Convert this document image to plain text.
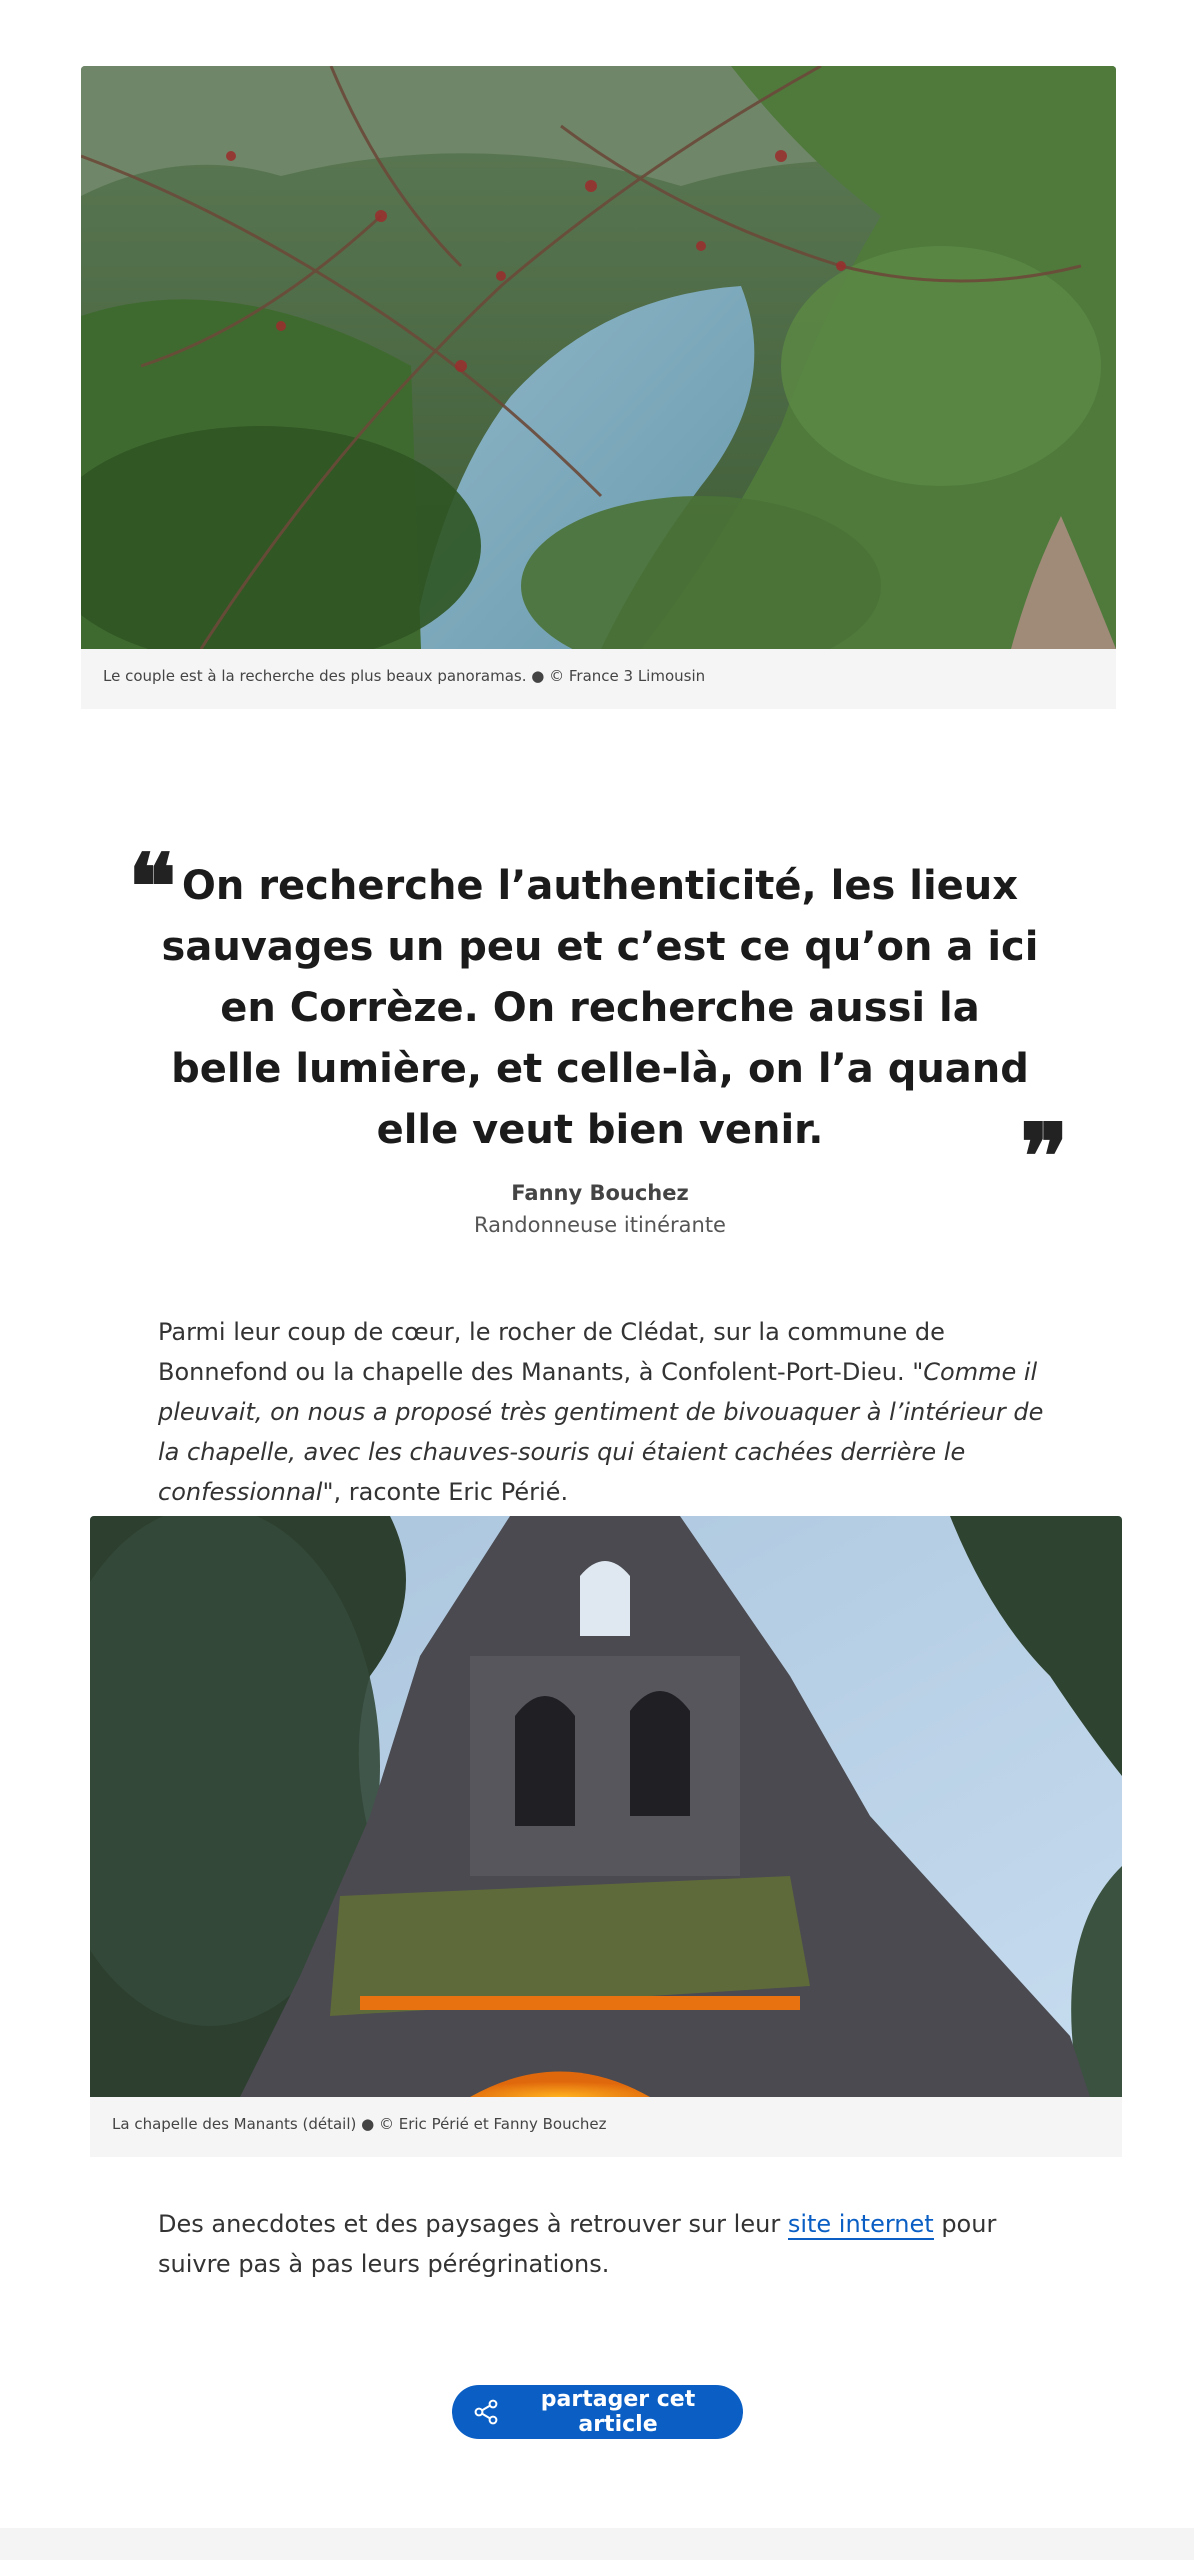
Le couple est à la recherche des plus beaux panoramas. ● © France 3 Limousin
❝ On recherche l’authenticité, les lieux sauvages un peu et c’est ce qu’on a ici en Corrèze. On recherche aussi la belle lumière, et celle-là, on l’a quand elle veut bien venir.	❞
Fanny Bouchez
Randonneuse itinérante

Parmi leur coup de cœur, le rocher de Clédat, sur la commune de Bonnefond ou la chapelle des Manants, à Confolent-Port-Dieu. "Comme il pleuvait, on nous a proposé très gentiment de bivouaquer à l’intérieur de la chapelle, avec les chauves-souris qui étaient cachées derrière le confessionnal", raconte Eric Périé.

La chapelle des Manants (détail) ● © Eric Périé et Fanny Bouchez

Des anecdotes et des paysages à retrouver sur leur site internet pour suivre pas à pas leurs pérégrinations.

partager cet article
